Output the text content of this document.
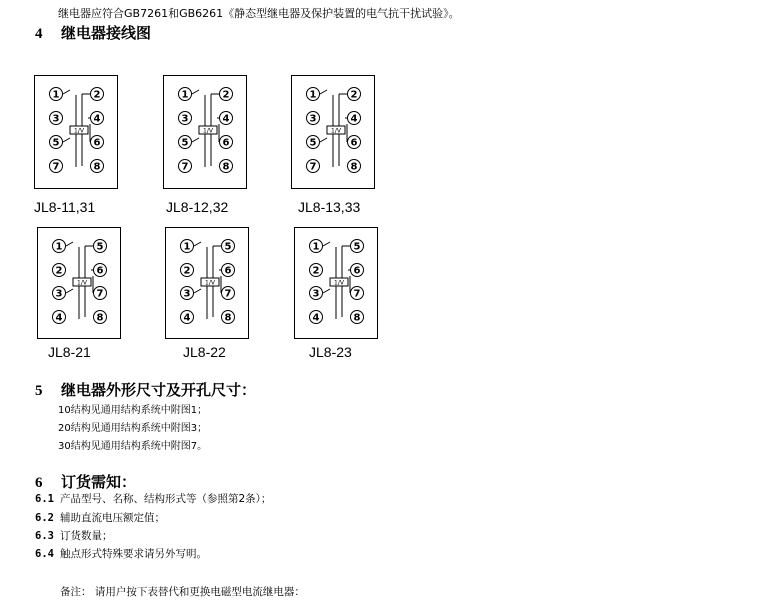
继电器应符合GB7261和GB6261《静态型继电器及保护装置的电气抗干扰试验》。
4 继电器接线图
1/V
1	2
3	4
5	6
7	8
1/V
1	2
3	4
5	6
7	8
1/V
1	2
3	4
5	6
7	8
JL8-11,31	JL8-12,32	JL8-13,33
1/V
1	5
2	6
3	7
4	8
1/V
1	5
2	6
3	7
4	8
1/V
1	5
2	6
3	7
4	8
JL8-21	JL8-22	JL8-23
5 继电器外形尺寸及开孔尺寸：
10结构见通用结构系统中附图1；
20结构见通用结构系统中附图3；
30结构见通用结构系统中附图7。
6 订货需知：
6.1 产品型号、名称、结构形式等（参照第2条）；
6.2 辅助直流电压额定值；
6.3 订货数量；
6.4 触点形式特殊要求请另外写明。
备注： 请用户按下表替代和更换电磁型电流继电器：
